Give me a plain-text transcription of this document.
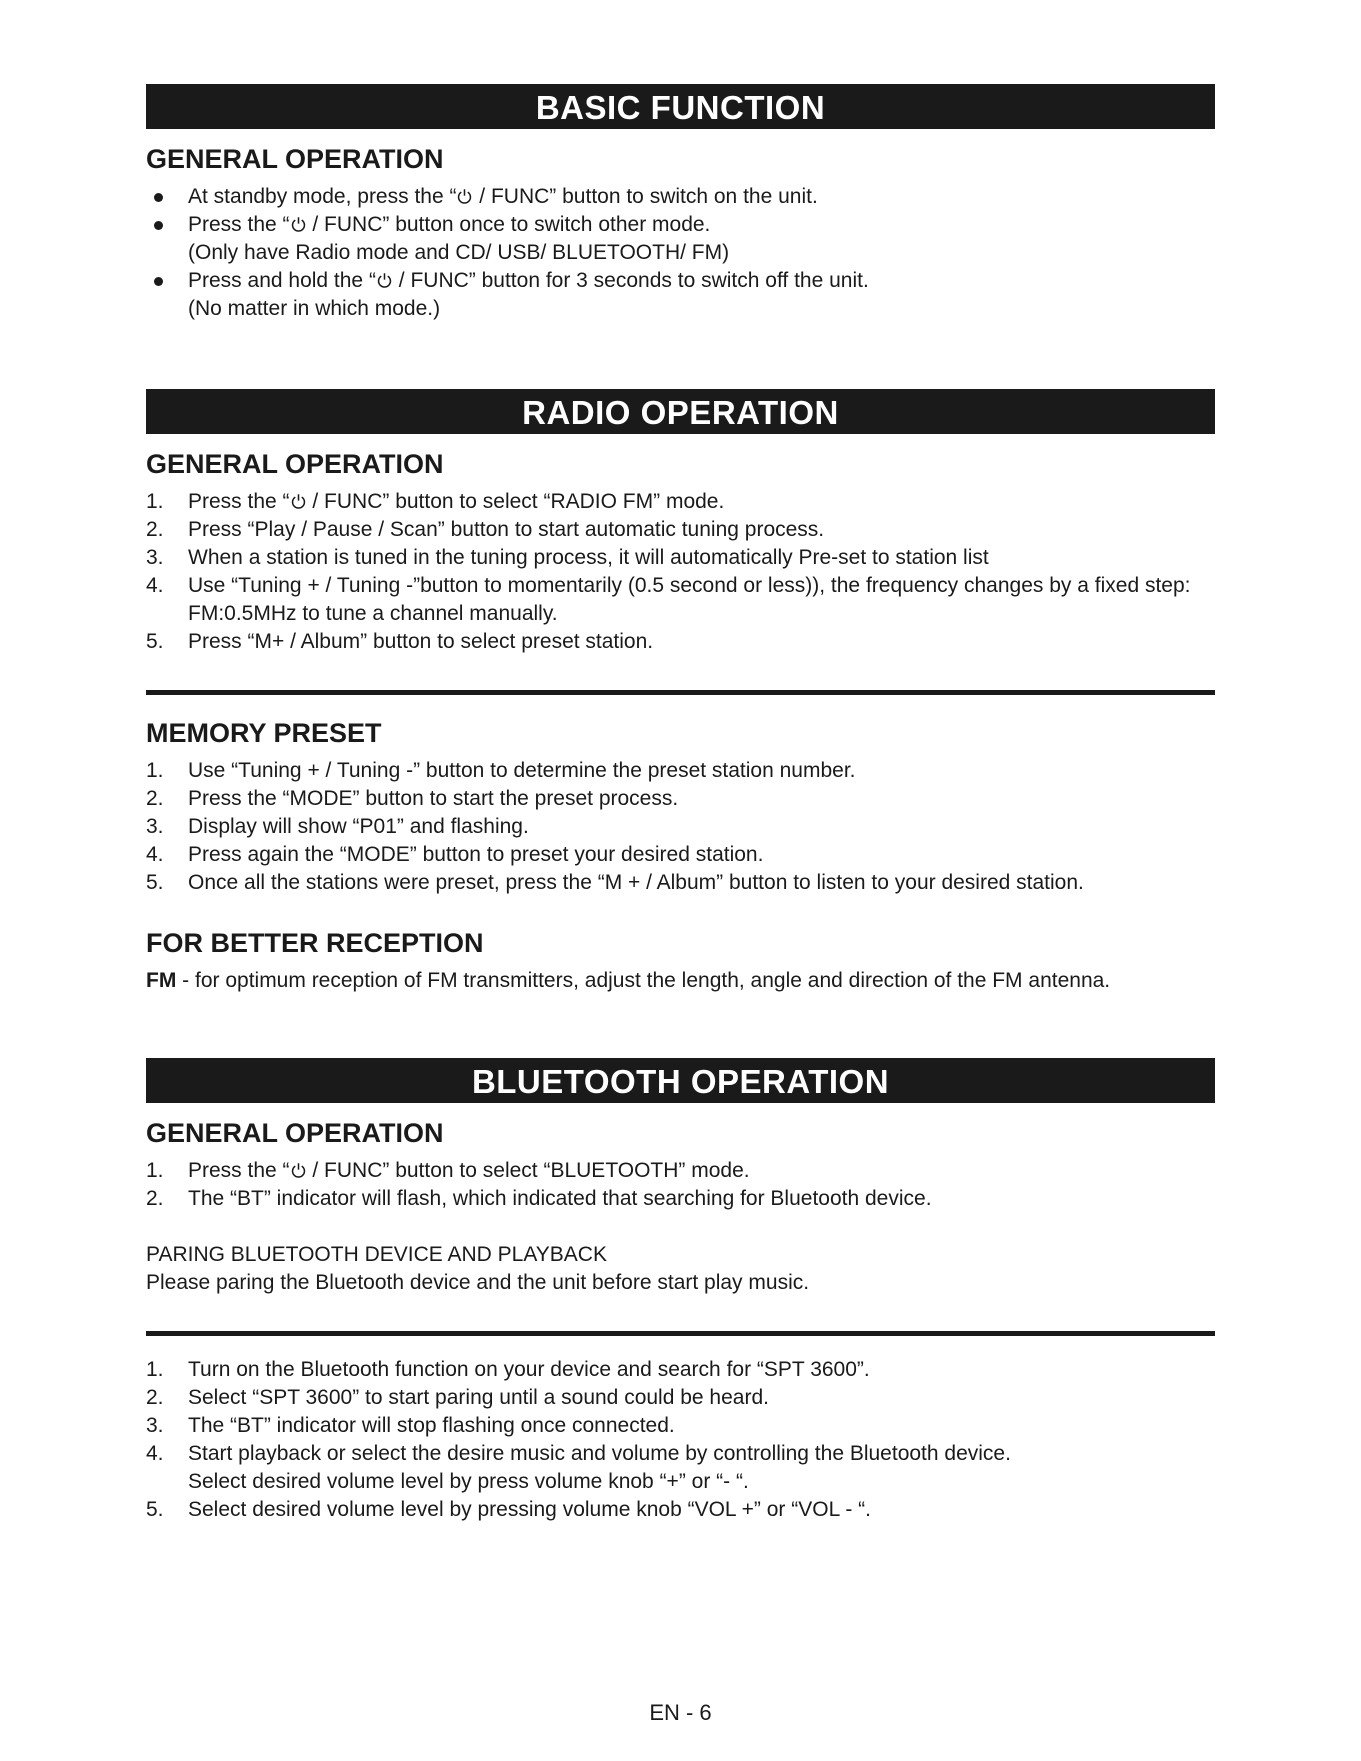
BASIC FUNCTION
GENERAL OPERATION
At standby mode, press the “ / FUNC” button to switch on the unit.
Press the “ / FUNC” button once to switch other mode.
(Only have Radio mode and CD/ USB/ BLUETOOTH/ FM)
Press and hold the “ / FUNC” button for 3 seconds to switch off the unit.
(No matter in which mode.)
RADIO OPERATION
GENERAL OPERATION
1.	Press the “ / FUNC” button to select “RADIO FM” mode.
2.	Press “Play / Pause / Scan” button to start automatic tuning process.
3.	When a station is tuned in the tuning process, it will automatically Pre-set to station list
4.	Use “Tuning + / Tuning -”button to momentarily (0.5 second or less)), the frequency changes by a fixed step: FM:0.5MHz to tune a channel manually.
5.	Press “M+ / Album” button to select preset station.
MEMORY PRESET
1.	Use “Tuning + / Tuning -” button to determine the preset station number.
2.	Press the “MODE” button to start the preset process.
3.	Display will show “P01” and flashing.
4.	Press again the “MODE” button to preset your desired station.
5.	Once all the stations were preset, press the “M + / Album” button to listen to your desired station.
FOR BETTER RECEPTION
FM - for optimum reception of FM transmitters, adjust the length, angle and direction of the FM antenna.
BLUETOOTH OPERATION
GENERAL OPERATION
1.	Press the “ / FUNC” button to select “BLUETOOTH” mode.
2.	The “BT” indicator will flash, which indicated that searching for Bluetooth device.
PARING BLUETOOTH DEVICE AND PLAYBACK
Please paring the Bluetooth device and the unit before start play music.
1.	Turn on the Bluetooth function on your device and search for “SPT 3600”.
2.	Select “SPT 3600” to start paring until a sound could be heard.
3.	The “BT” indicator will stop flashing once connected.
4.	Start playback or select the desire music and volume by controlling the Bluetooth device.
Select desired volume level by press volume knob “+” or “- “.
5.	Select desired volume level by pressing volume knob “VOL +” or “VOL - “.
EN - 6
